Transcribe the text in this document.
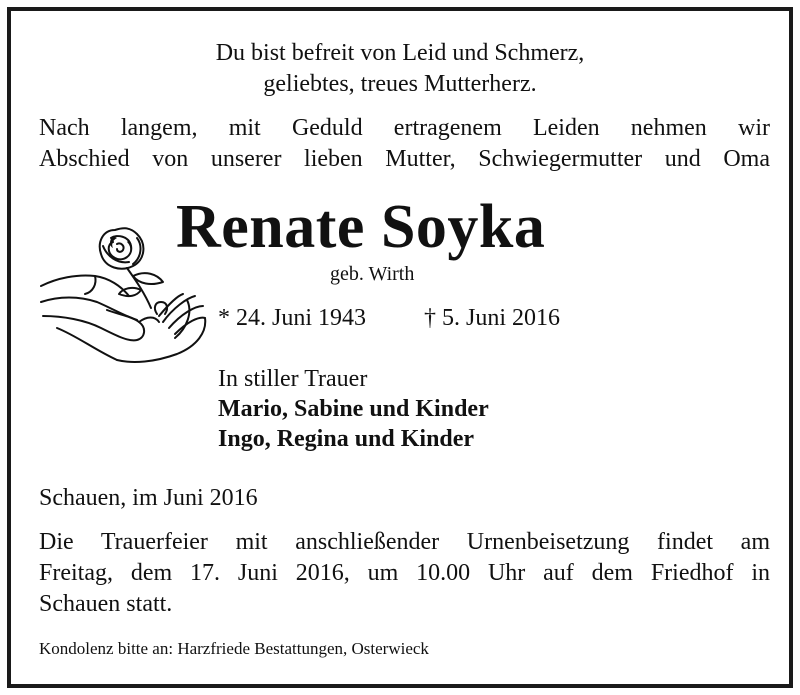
Du bist befreit von Leid und Schmerz,
geliebtes, treues Mutterherz.
Nach langem, mit Geduld ertragenem Leiden nehmen wir
Abschied von unserer lieben Mutter, Schwiegermutter und Oma
Renate Soyka
geb. Wirth
* 24. Juni 1943 † 5. Juni 2016
In stiller Trauer
Mario, Sabine und Kinder
Ingo, Regina und Kinder
Schauen, im Juni 2016
Die Trauerfeier mit anschließender Urnenbeisetzung findet am
Freitag, dem 17. Juni 2016, um 10.00 Uhr auf dem Friedhof in
Schauen statt.
Kondolenz bitte an: Harzfriede Bestattungen, Osterwieck
